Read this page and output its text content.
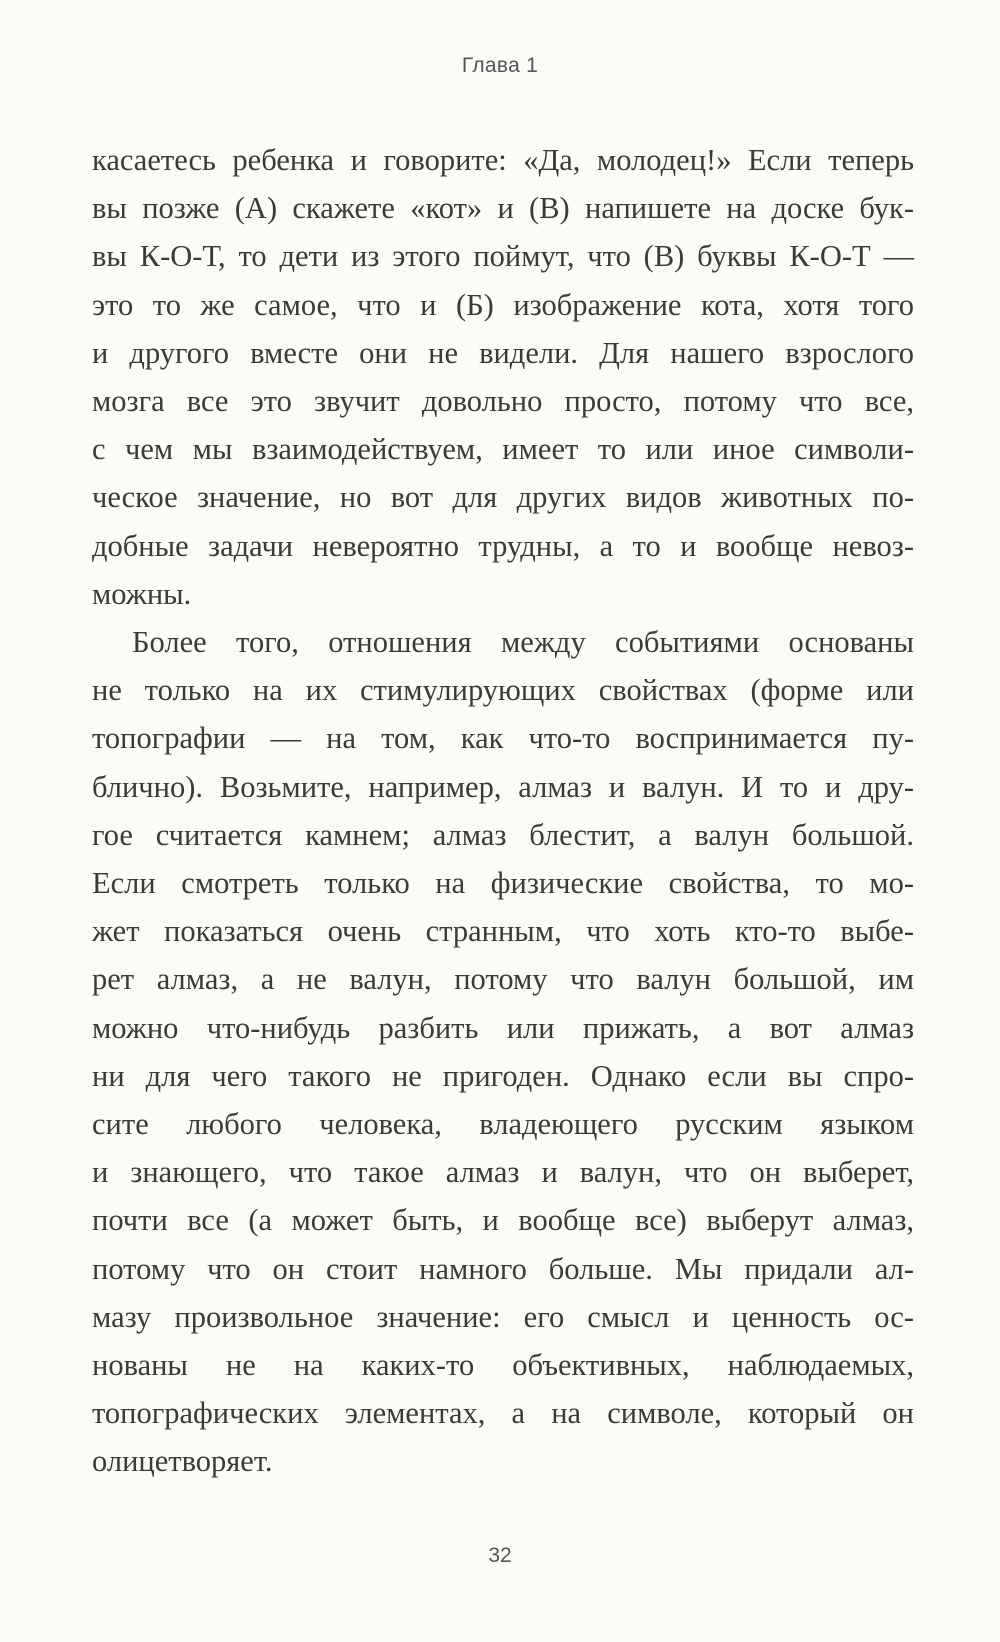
Глава 1
касаетесь ребенка и говорите: «Да, молодец!» Если теперь
вы позже (А) скажете «кот» и (В) напишете на доске бук-
вы К-О-Т, то дети из этого поймут, что (В) буквы К-О-Т —
это то же самое, что и (Б) изображение кота, хотя того
и другого вместе они не видели. Для нашего взрослого
мозга все это звучит довольно просто, потому что все,
с чем мы взаимодействуем, имеет то или иное символи-
ческое значение, но вот для других видов животных по-
добные задачи невероятно трудны, а то и вообще невоз-
можны.
Более того, отношения между событиями основаны
не только на их стимулирующих свойствах (форме или
топографии — на том, как что-то воспринимается пу-
блично). Возьмите, например, алмаз и валун. И то и дру-
гое считается камнем; алмаз блестит, а валун большой.
Если смотреть только на физические свойства, то мо-
жет показаться очень странным, что хоть кто-то выбе-
рет алмаз, а не валун, потому что валун большой, им
можно что-нибудь разбить или прижать, а вот алмаз
ни для чего такого не пригоден. Однако если вы спро-
сите любого человека, владеющего русским языком
и знающего, что такое алмаз и валун, что он выберет,
почти все (а может быть, и вообще все) выберут алмаз,
потому что он стоит намного больше. Мы придали ал-
мазу произвольное значение: его смысл и ценность ос-
нованы не на каких-то объективных, наблюдаемых,
топографических элементах, а на символе, который он
олицетворяет.
32
